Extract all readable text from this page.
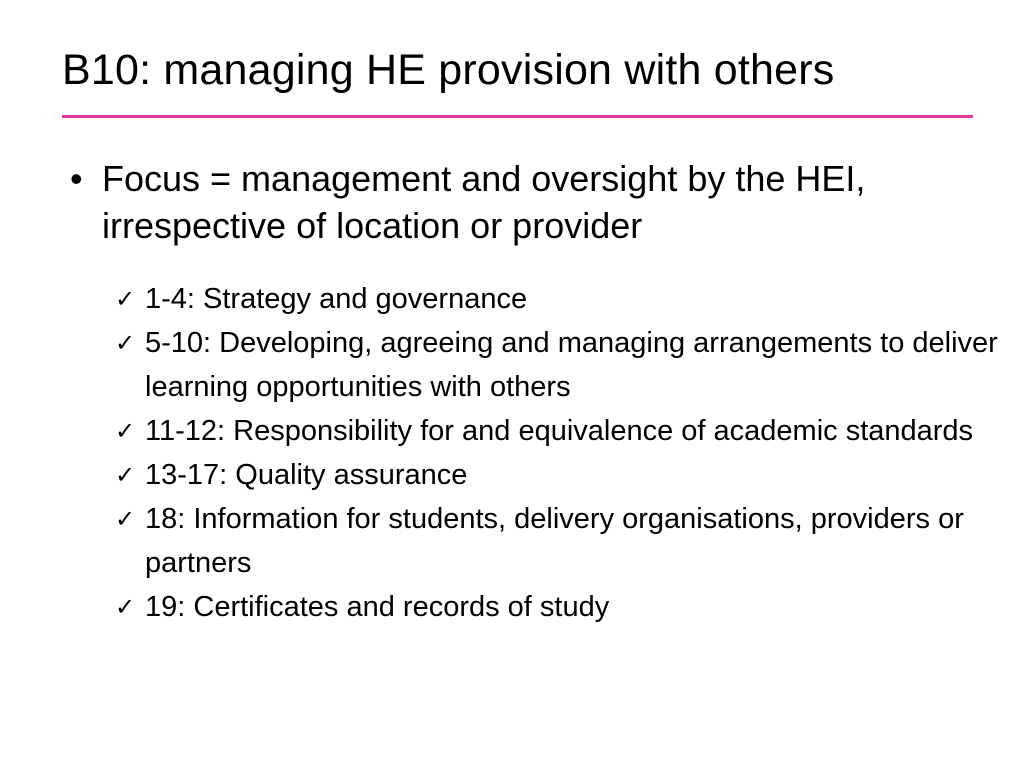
B10: managing HE provision with others
• Focus = management and oversight by the HEI, irrespective of location or provider
✓ 1-4: Strategy and governance
✓ 5-10: Developing, agreeing and managing arrangements to deliver learning opportunities with others
✓ 11-12: Responsibility for and equivalence of academic standards
✓ 13-17: Quality assurance
✓ 18: Information for students, delivery organisations, providers or partners
✓ 19: Certificates and records of study
